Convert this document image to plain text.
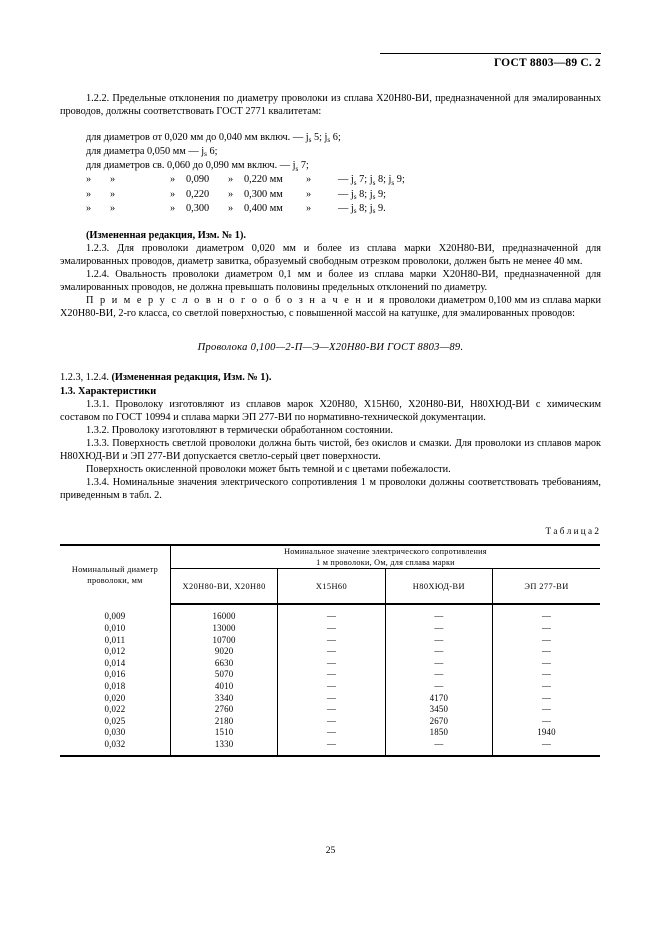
ГОСТ 8803—89 С. 2

1.2.2. Предельные отклонения по диаметру проволоки из сплава Х20Н80-ВИ, предназначенной для эмалированных проводов, должны соответствовать ГОСТ 2771 квалитетам:

для диаметров от 0,020 мм до 0,040 мм включ. — $j_s$ 5; $j_s$ 6;
для диаметра 0,050 мм — $j_s$ 6;
для диаметров св. 0,060 до 0,090 мм включ. — $j_s$ 7;
» »	» 0,090 » 0,220 мм »	— $j_s$ 7; $j_s$ 8; $j_s$ 9;
» »	» 0,220 » 0,300 мм »	— $j_s$ 8; $j_s$ 9;
» »	» 0,300 » 0,400 мм »	— $j_s$ 8; $j_s$ 9.

(Измененная редакция, Изм. № 1).

1.2.3. Для проволоки диаметром 0,020 мм и более из сплава марки Х20Н80-ВИ, предназначенной для эмалированных проводов, диаметр завитка, образуемый свободным отрезком проволоки, должен быть не менее 40 мм.

1.2.4. Овальность проволоки диаметром 0,1 мм и более из сплава марки Х20Н80-ВИ, предназначенной для эмалированных проводов, не должна превышать половины предельных отклонений по диаметру.

П р и м е р у с л о в н о г о о б о з н а ч е н и я проволоки диаметром 0,100 мм из сплава марки Х20Н80-ВИ, 2-го класса, со светлой поверхностью, с повышенной массой на катушке, для эмалированных проводов:

Проволока 0,100—2-П—Э—Х20Н80-ВИ ГОСТ 8803—89.

1.2.3, 1.2.4. (Измененная редакция, Изм. № 1).

1.3. Характеристики

1.3.1. Проволоку изготовляют из сплавов марок Х20Н80, Х15Н60, Х20Н80-ВИ, Н80ХЮД-ВИ с химическим составом по ГОСТ 10994 и сплава марки ЭП 277-ВИ по нормативно-технической документации.

1.3.2. Проволоку изготовляют в термически обработанном состоянии.

1.3.3. Поверхность светлой проволоки должна быть чистой, без окислов и смазки. Для проволоки из сплавов марок Н80ХЮД-ВИ и ЭП 277-ВИ допускается светло-серый цвет поверхности.

Поверхность окисленной проволоки может быть темной и с цветами побежалости.

1.3.4. Номинальные значения электрического сопротивления 1 м проволоки должны соответствовать требованиям, приведенным в табл. 2.

Т а б л и ц а 2
Номинальный диаметр проволоки, мм	Номинальное значение электрического сопротивления
1 м проволоки, Ом, для сплава марки			
	Х20Н80-ВИ, Х20Н80	Х15Н60	Н80ХЮД-ВИ	ЭП 277-ВИ
0,009	16000	—	—	—
0,010	13000	—	—	—
0,011	10700	—	—	—
0,012	9020	—	—	—
0,014	6630	—	—	—
0,016	5070	—	—	—
0,018	4010	—	—	—
0,020	3340	—	4170	—
0,022	2760	—	3450	—
0,025	2180	—	2670	—
0,030	1510	—	1850	1940
0,032	1330	—	—	—
25
